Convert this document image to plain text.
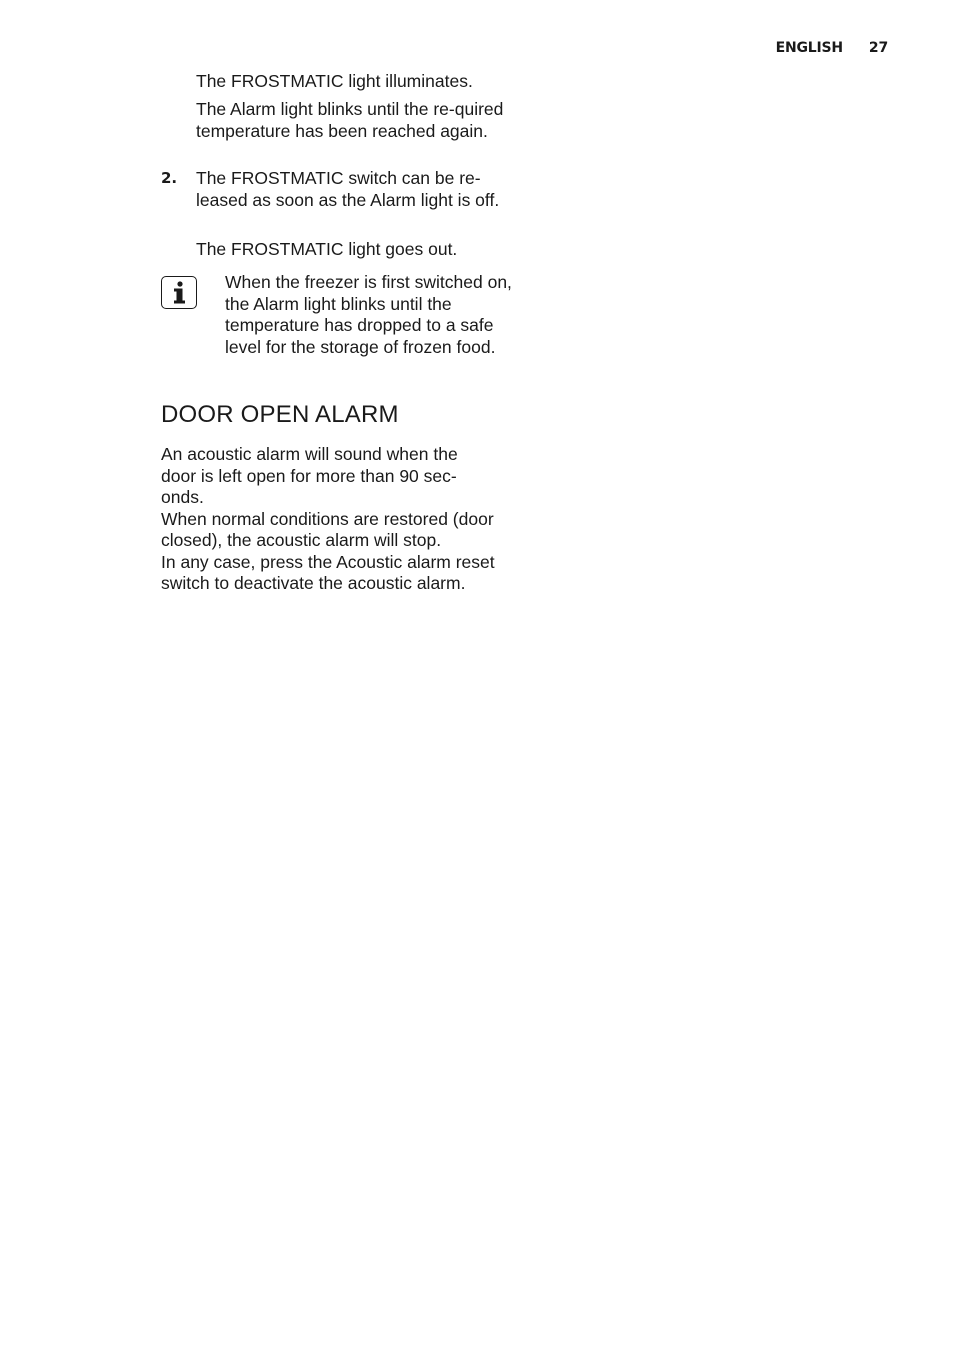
ENGLISH 27
The FROSTMATIC light illuminates.
The Alarm light blinks until the re-quired temperature has been reached again.
2. The FROSTMATIC switch can be re-leased as soon as the Alarm light is off.
The FROSTMATIC light goes out.
When the freezer is first switched on, the Alarm light blinks until the temperature has dropped to a safe level for the storage of frozen food.
DOOR OPEN ALARM

An acoustic alarm will sound when the door is left open for more than 90 sec-onds.

When normal conditions are restored (door closed), the acoustic alarm will stop.

In any case, press the Acoustic alarm reset switch to deactivate the acoustic alarm.
